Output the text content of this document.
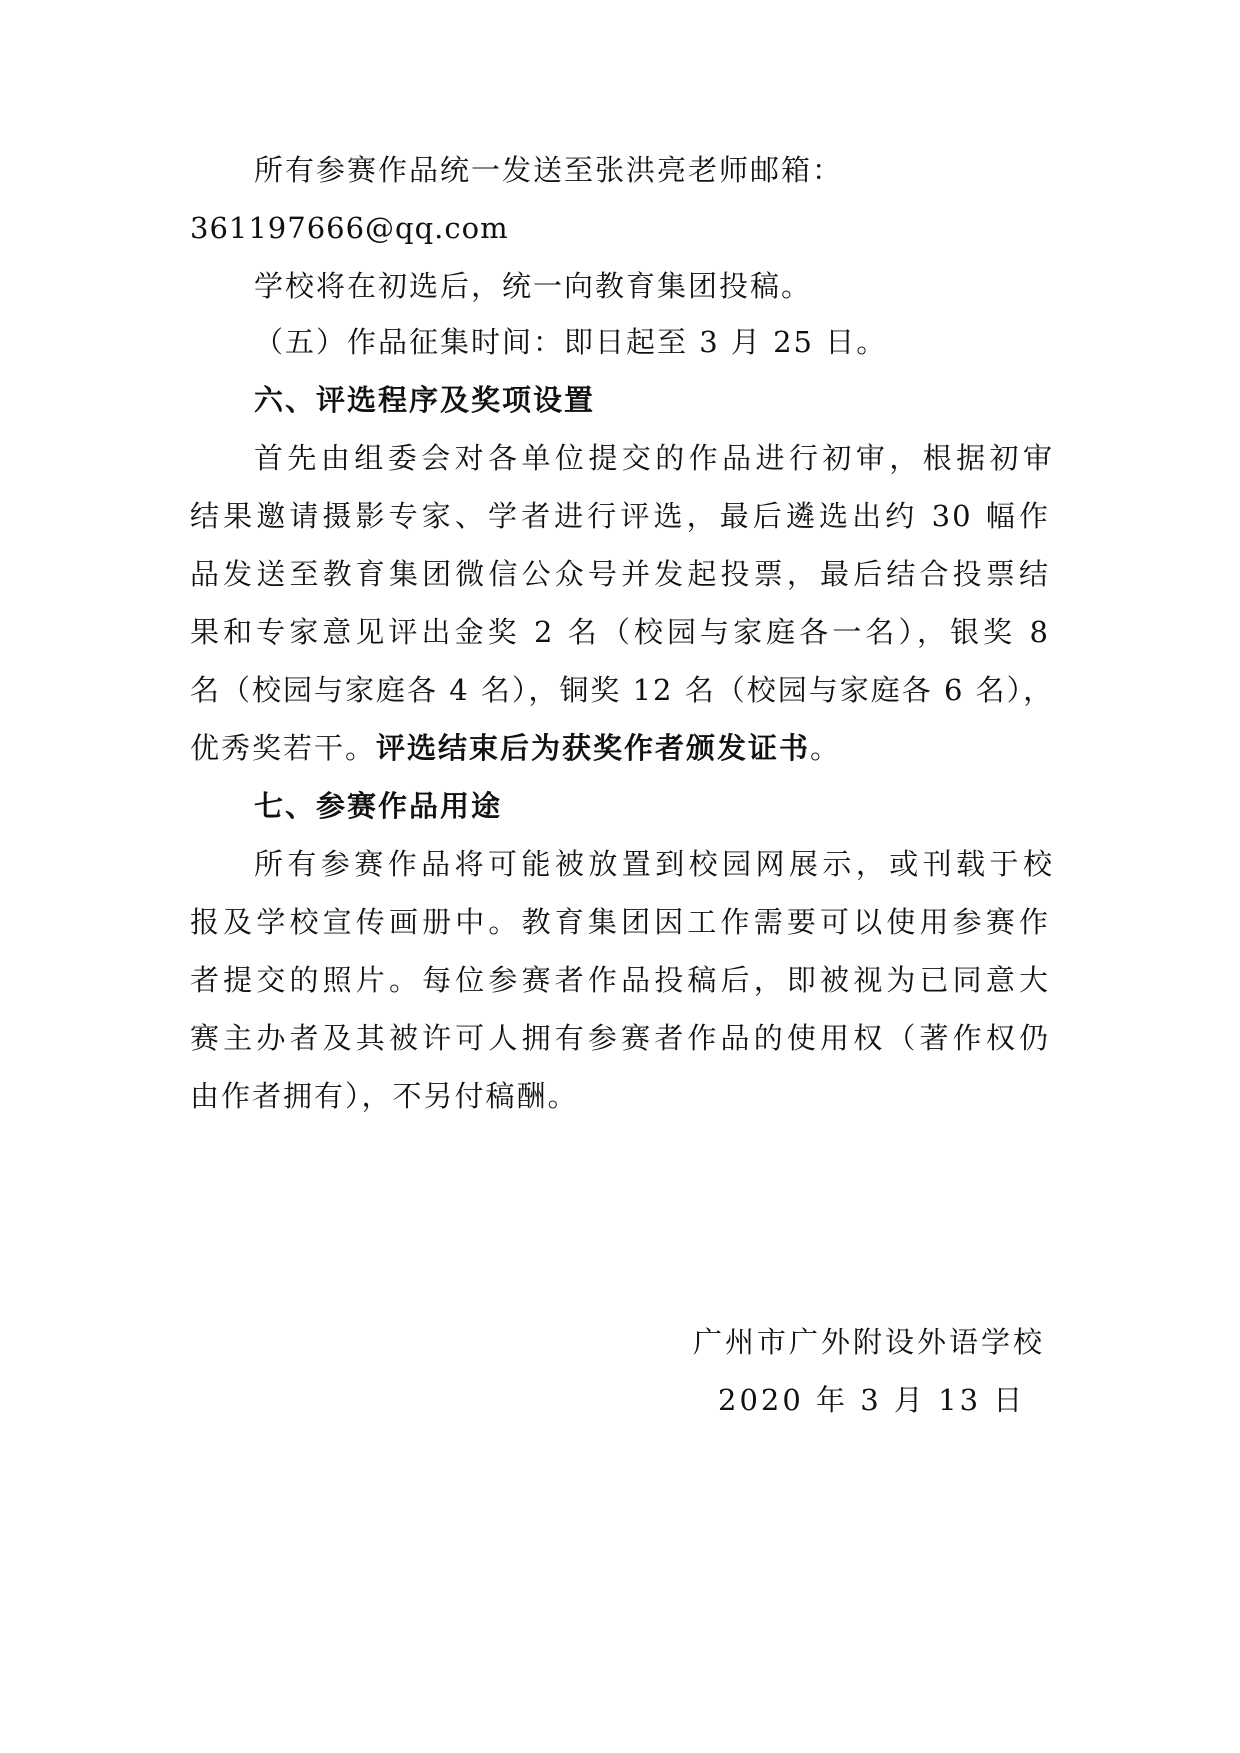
所有参赛作品统一发送至张洪亮老师邮箱：
361197666@qq.com
学校将在初选后，统一向教育集团投稿。
（五）作品征集时间：即日起至 3 月 25 日。
六、评选程序及奖项设置
首先由组委会对各单位提交的作品进行初审，根据初审
结果邀请摄影专家、学者进行评选，最后遴选出约 30 幅作
品发送至教育集团微信公众号并发起投票，最后结合投票结
果和专家意见评出金奖 2 名（校园与家庭各一名），银奖 8
名（校园与家庭各 4 名），铜奖 12 名（校园与家庭各 6 名），
优秀奖若干。评选结束后为获奖作者颁发证书。
七、参赛作品用途
所有参赛作品将可能被放置到校园网展示，或刊载于校
报及学校宣传画册中。教育集团因工作需要可以使用参赛作
者提交的照片。每位参赛者作品投稿后，即被视为已同意大
赛主办者及其被许可人拥有参赛者作品的使用权（著作权仍
由作者拥有），不另付稿酬。
广州市广外附设外语学校
2020 年 3 月 13 日
